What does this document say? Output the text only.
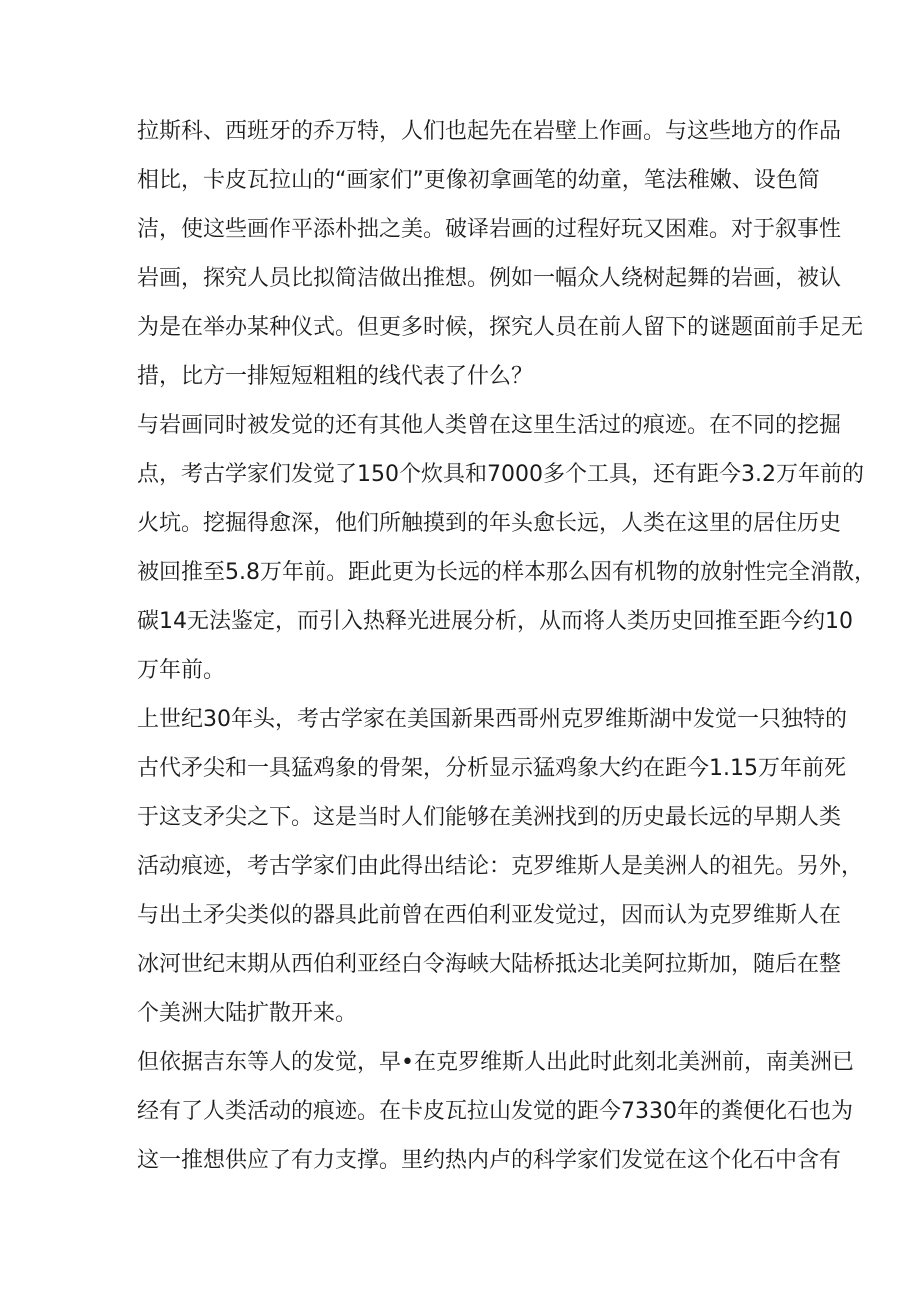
拉斯科、西班牙的乔万特，人们也起先在岩壁上作画。与这些地方的作品
相比，卡皮瓦拉山的“画家们”更像初拿画笔的幼童，笔法稚嫩、设色简
洁，使这些画作平添朴拙之美。破译岩画的过程好玩又困难。对于叙事性
岩画，探究人员比拟简洁做出推想。例如一幅众人绕树起舞的岩画，被认
为是在举办某种仪式。但更多时候，探究人员在前人留下的谜题面前手足无
措，比方一排短短粗粗的线代表了什么？
与岩画同时被发觉的还有其他人类曾在这里生活过的痕迹。在不同的挖掘
点，考古学家们发觉了150个炊具和7000多个工具，还有距今3.2万年前的
火坑。挖掘得愈深，他们所触摸到的年头愈长远，人类在这里的居住历史
被回推至5.8万年前。距此更为长远的样本那么因有机物的放射性完全消散，
碳14无法鉴定，而引入热释光进展分析，从而将人类历史回推至距今约10
万年前。
上世纪30年头，考古学家在美国新果西哥州克罗维斯湖中发觉一只独特的
古代矛尖和一具猛鸡象的骨架，分析显示猛鸡象大约在距今1.15万年前死
于这支矛尖之下。这是当时人们能够在美洲找到的历史最长远的早期人类
活动痕迹，考古学家们由此得出结论：克罗维斯人是美洲人的祖先。另外，
与出土矛尖类似的器具此前曾在西伯利亚发觉过，因而认为克罗维斯人在
冰河世纪末期从西伯利亚经白令海峡大陆桥抵达北美阿拉斯加，随后在整
个美洲大陆扩散开来。
但依据吉东等人的发觉，早•在克罗维斯人出此时此刻北美洲前，南美洲已
经有了人类活动的痕迹。在卡皮瓦拉山发觉的距今7330年的粪便化石也为
这一推想供应了有力支撑。里约热内卢的科学家们发觉在这个化石中含有
